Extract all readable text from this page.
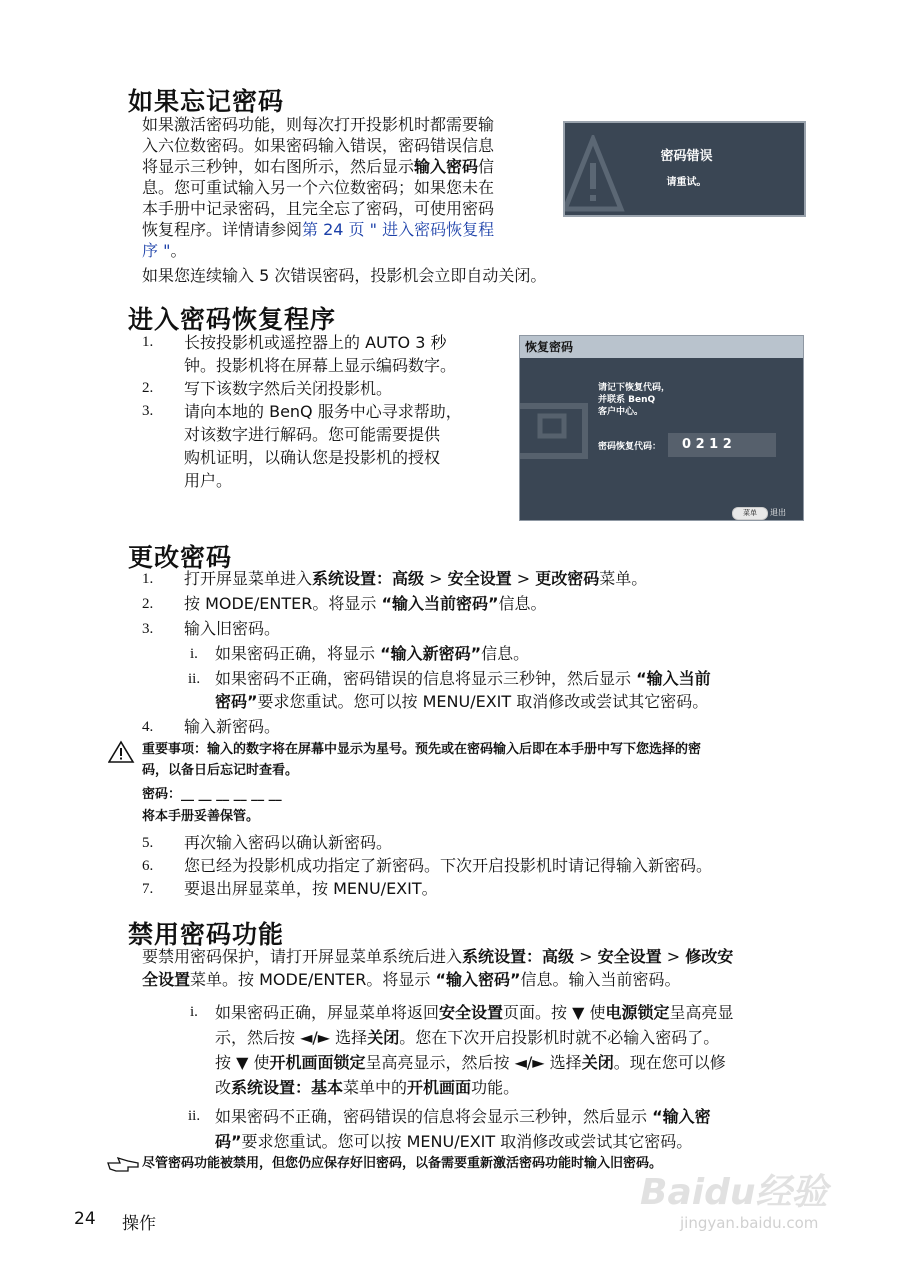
如果忘记密码
如果激活密码功能，则每次打开投影机时都需要输
入六位数密码。如果密码输入错误，密码错误信息
将显示三秒钟，如右图所示，然后显示输入密码信
息。您可重试输入另一个六位数密码；如果您未在
本手册中记录密码，且完全忘了密码，可使用密码
恢复程序。详情请参阅第 24 页 " 进入密码恢复程
序 "。
密码错误
请重试。
如果您连续输入 5 次错误密码，投影机会立即自动关闭。
进入密码恢复程序
1. 长按投影机或遥控器上的 AUTO 3 秒
钟。投影机将在屏幕上显示编码数字。
2. 写下该数字然后关闭投影机。
3. 请向本地的 BenQ 服务中心寻求帮助，
对该数字进行解码。您可能需要提供
购机证明，以确认您是投影机的授权
用户。
恢复密码
请记下恢复代码，
并联系 BenQ
客户中心。
密码恢复代码：	0 2 1 2
菜单	退出
更改密码
1. 打开屏显菜单进入系统设置：高级 > 安全设置 > 更改密码菜单。
2. 按 MODE/ENTER。将显示 “输入当前密码”信息。
3. 输入旧密码。
i. 如果密码正确，将显示 “输入新密码”信息。
ii. 如果密码不正确，密码错误的信息将显示三秒钟，然后显示 “输入当前
密码”要求您重试。您可以按 MENU/EXIT 取消修改或尝试其它密码。
4. 输入新密码。
重要事项：输入的数字将在屏幕中显示为星号。预先或在密码输入后即在本手册中写下您选择的密
码，以备日后忘记时查看。
密码：__ __ __ __ __ __
将本手册妥善保管。
5. 再次输入密码以确认新密码。
6. 您已经为投影机成功指定了新密码。下次开启投影机时请记得输入新密码。
7. 要退出屏显菜单，按 MENU/EXIT。
禁用密码功能
要禁用密码保护，请打开屏显菜单系统后进入系统设置：高级 > 安全设置 > 修改安
全设置菜单。按 MODE/ENTER。将显示 “输入密码”信息。输入当前密码。
i. 如果密码正确，屏显菜单将返回安全设置页面。按 ▼ 使电源锁定呈高亮显
示，然后按 ◄/► 选择关闭。您在下次开启投影机时就不必输入密码了。
按 ▼ 使开机画面锁定呈高亮显示，然后按 ◄/► 选择关闭。现在您可以修
改系统设置：基本菜单中的开机画面功能。
ii. 如果密码不正确，密码错误的信息将会显示三秒钟，然后显示 “输入密
码”要求您重试。您可以按 MENU/EXIT 取消修改或尝试其它密码。
尽管密码功能被禁用，但您仍应保存好旧密码，以备需要重新激活密码功能时输入旧密码。
24 操作
Baidu经验
jingyan.baidu.com
